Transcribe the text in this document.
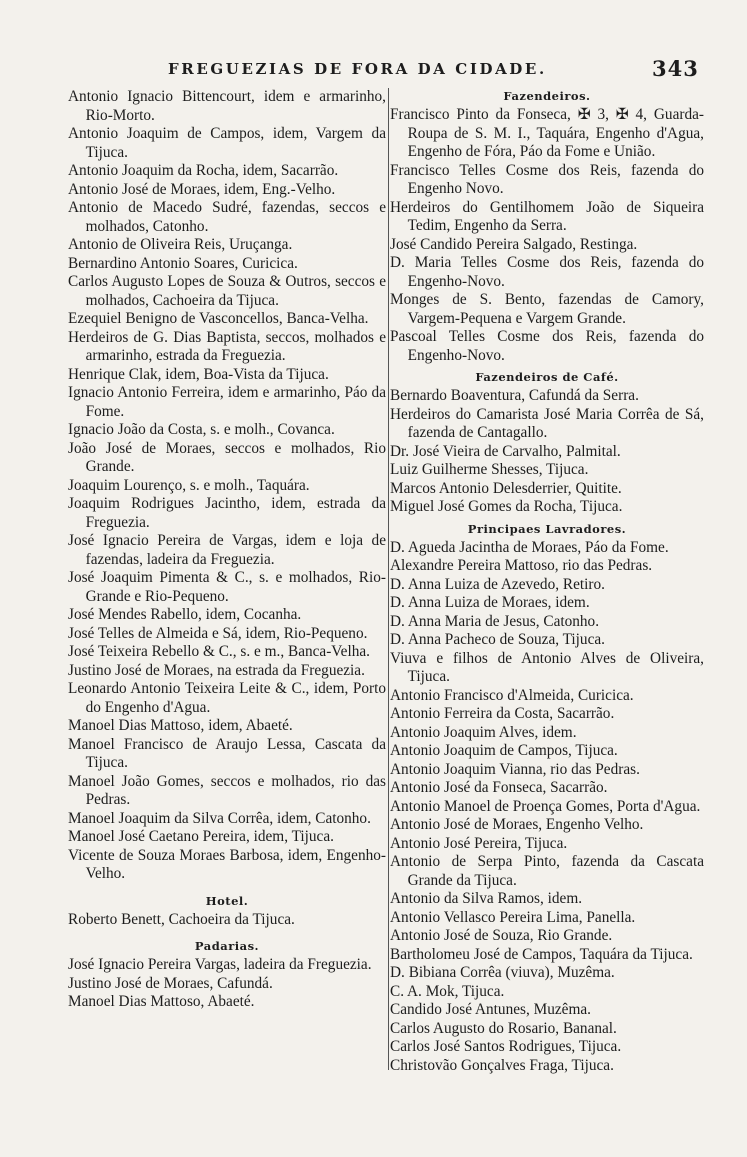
FREGUEZIAS DE FORA DA CIDADE.	343

Antonio Ignacio Bittencourt, idem e armarinho, Rio-Morto.

Antonio Joaquim de Campos, idem, Vargem da Tijuca.

Antonio Joaquim da Rocha, idem, Sacarrão.

Antonio José de Moraes, idem, Eng.-Velho.

Antonio de Macedo Sudré, fazendas, seccos e molhados, Catonho.

Antonio de Oliveira Reis, Uruçanga.

Bernardino Antonio Soares, Curicica.

Carlos Augusto Lopes de Souza & Outros, seccos e molhados, Cachoeira da Tijuca.

Ezequiel Benigno de Vasconcellos, Banca-Velha.

Herdeiros de G. Dias Baptista, seccos, molhados e armarinho, estrada da Freguezia.

Henrique Clak, idem, Boa-Vista da Tijuca.

Ignacio Antonio Ferreira, idem e armarinho, Páo da Fome.

Ignacio João da Costa, s. e molh., Covanca.

João José de Moraes, seccos e molhados, Rio Grande.

Joaquim Lourenço, s. e molh., Taquára.

Joaquim Rodrigues Jacintho, idem, estrada da Freguezia.

José Ignacio Pereira de Vargas, idem e loja de fazendas, ladeira da Freguezia.

José Joaquim Pimenta & C., s. e molhados, Rio-Grande e Rio-Pequeno.

José Mendes Rabello, idem, Cocanha.

José Telles de Almeida e Sá, idem, Rio-Pequeno.

José Teixeira Rebello & C., s. e m., Banca-Velha.

Justino José de Moraes, na estrada da Freguezia.

Leonardo Antonio Teixeira Leite & C., idem, Porto do Engenho d'Agua.

Manoel Dias Mattoso, idem, Abaeté.

Manoel Francisco de Araujo Lessa, Cascata da Tijuca.

Manoel João Gomes, seccos e molhados, rio das Pedras.

Manoel Joaquim da Silva Corrêa, idem, Catonho.

Manoel José Caetano Pereira, idem, Tijuca.

Vicente de Souza Moraes Barbosa, idem, Engenho-Velho.

Hotel.

Roberto Benett, Cachoeira da Tijuca.

Padarias.

José Ignacio Pereira Vargas, ladeira da Freguezia.

Justino José de Moraes, Cafundá.

Manoel Dias Mattoso, Abaeté.

Fazendeiros.

Francisco Pinto da Fonseca, ✠ 3, ✠ 4, Guarda-Roupa de S. M. I., Taquára, Engenho d'Agua, Engenho de Fóra, Páo da Fome e União.

Francisco Telles Cosme dos Reis, fazenda do Engenho Novo.

Herdeiros do Gentilhomem João de Siqueira Tedim, Engenho da Serra.

José Candido Pereira Salgado, Restinga.

D. Maria Telles Cosme dos Reis, fazenda do Engenho-Novo.

Monges de S. Bento, fazendas de Camory, Vargem-Pequena e Vargem Grande.

Pascoal Telles Cosme dos Reis, fazenda do Engenho-Novo.

Fazendeiros de Café.

Bernardo Boaventura, Cafundá da Serra.

Herdeiros do Camarista José Maria Corrêa de Sá, fazenda de Cantagallo.

Dr. José Vieira de Carvalho, Palmital.

Luiz Guilherme Shesses, Tijuca.

Marcos Antonio Delesderrier, Quitite.

Miguel José Gomes da Rocha, Tijuca.

Principaes Lavradores.

D. Agueda Jacintha de Moraes, Páo da Fome.

Alexandre Pereira Mattoso, rio das Pedras.

D. Anna Luiza de Azevedo, Retiro.

D. Anna Luiza de Moraes, idem.

D. Anna Maria de Jesus, Catonho.

D. Anna Pacheco de Souza, Tijuca.

Viuva e filhos de Antonio Alves de Oliveira, Tijuca.

Antonio Francisco d'Almeida, Curicica.

Antonio Ferreira da Costa, Sacarrão.

Antonio Joaquim Alves, idem.

Antonio Joaquim de Campos, Tijuca.

Antonio Joaquim Vianna, rio das Pedras.

Antonio José da Fonseca, Sacarrão.

Antonio Manoel de Proença Gomes, Porta d'Agua.

Antonio José de Moraes, Engenho Velho.

Antonio José Pereira, Tijuca.

Antonio de Serpa Pinto, fazenda da Cascata Grande da Tijuca.

Antonio da Silva Ramos, idem.

Antonio Vellasco Pereira Lima, Panella.

Antonio José de Souza, Rio Grande.

Bartholomeu José de Campos, Taquára da Tijuca.

D. Bibiana Corrêa (viuva), Muzêma.

C. A. Mok, Tijuca.

Candido José Antunes, Muzêma.

Carlos Augusto do Rosario, Bananal.

Carlos José Santos Rodrigues, Tijuca.

Christovão Gonçalves Fraga, Tijuca.
